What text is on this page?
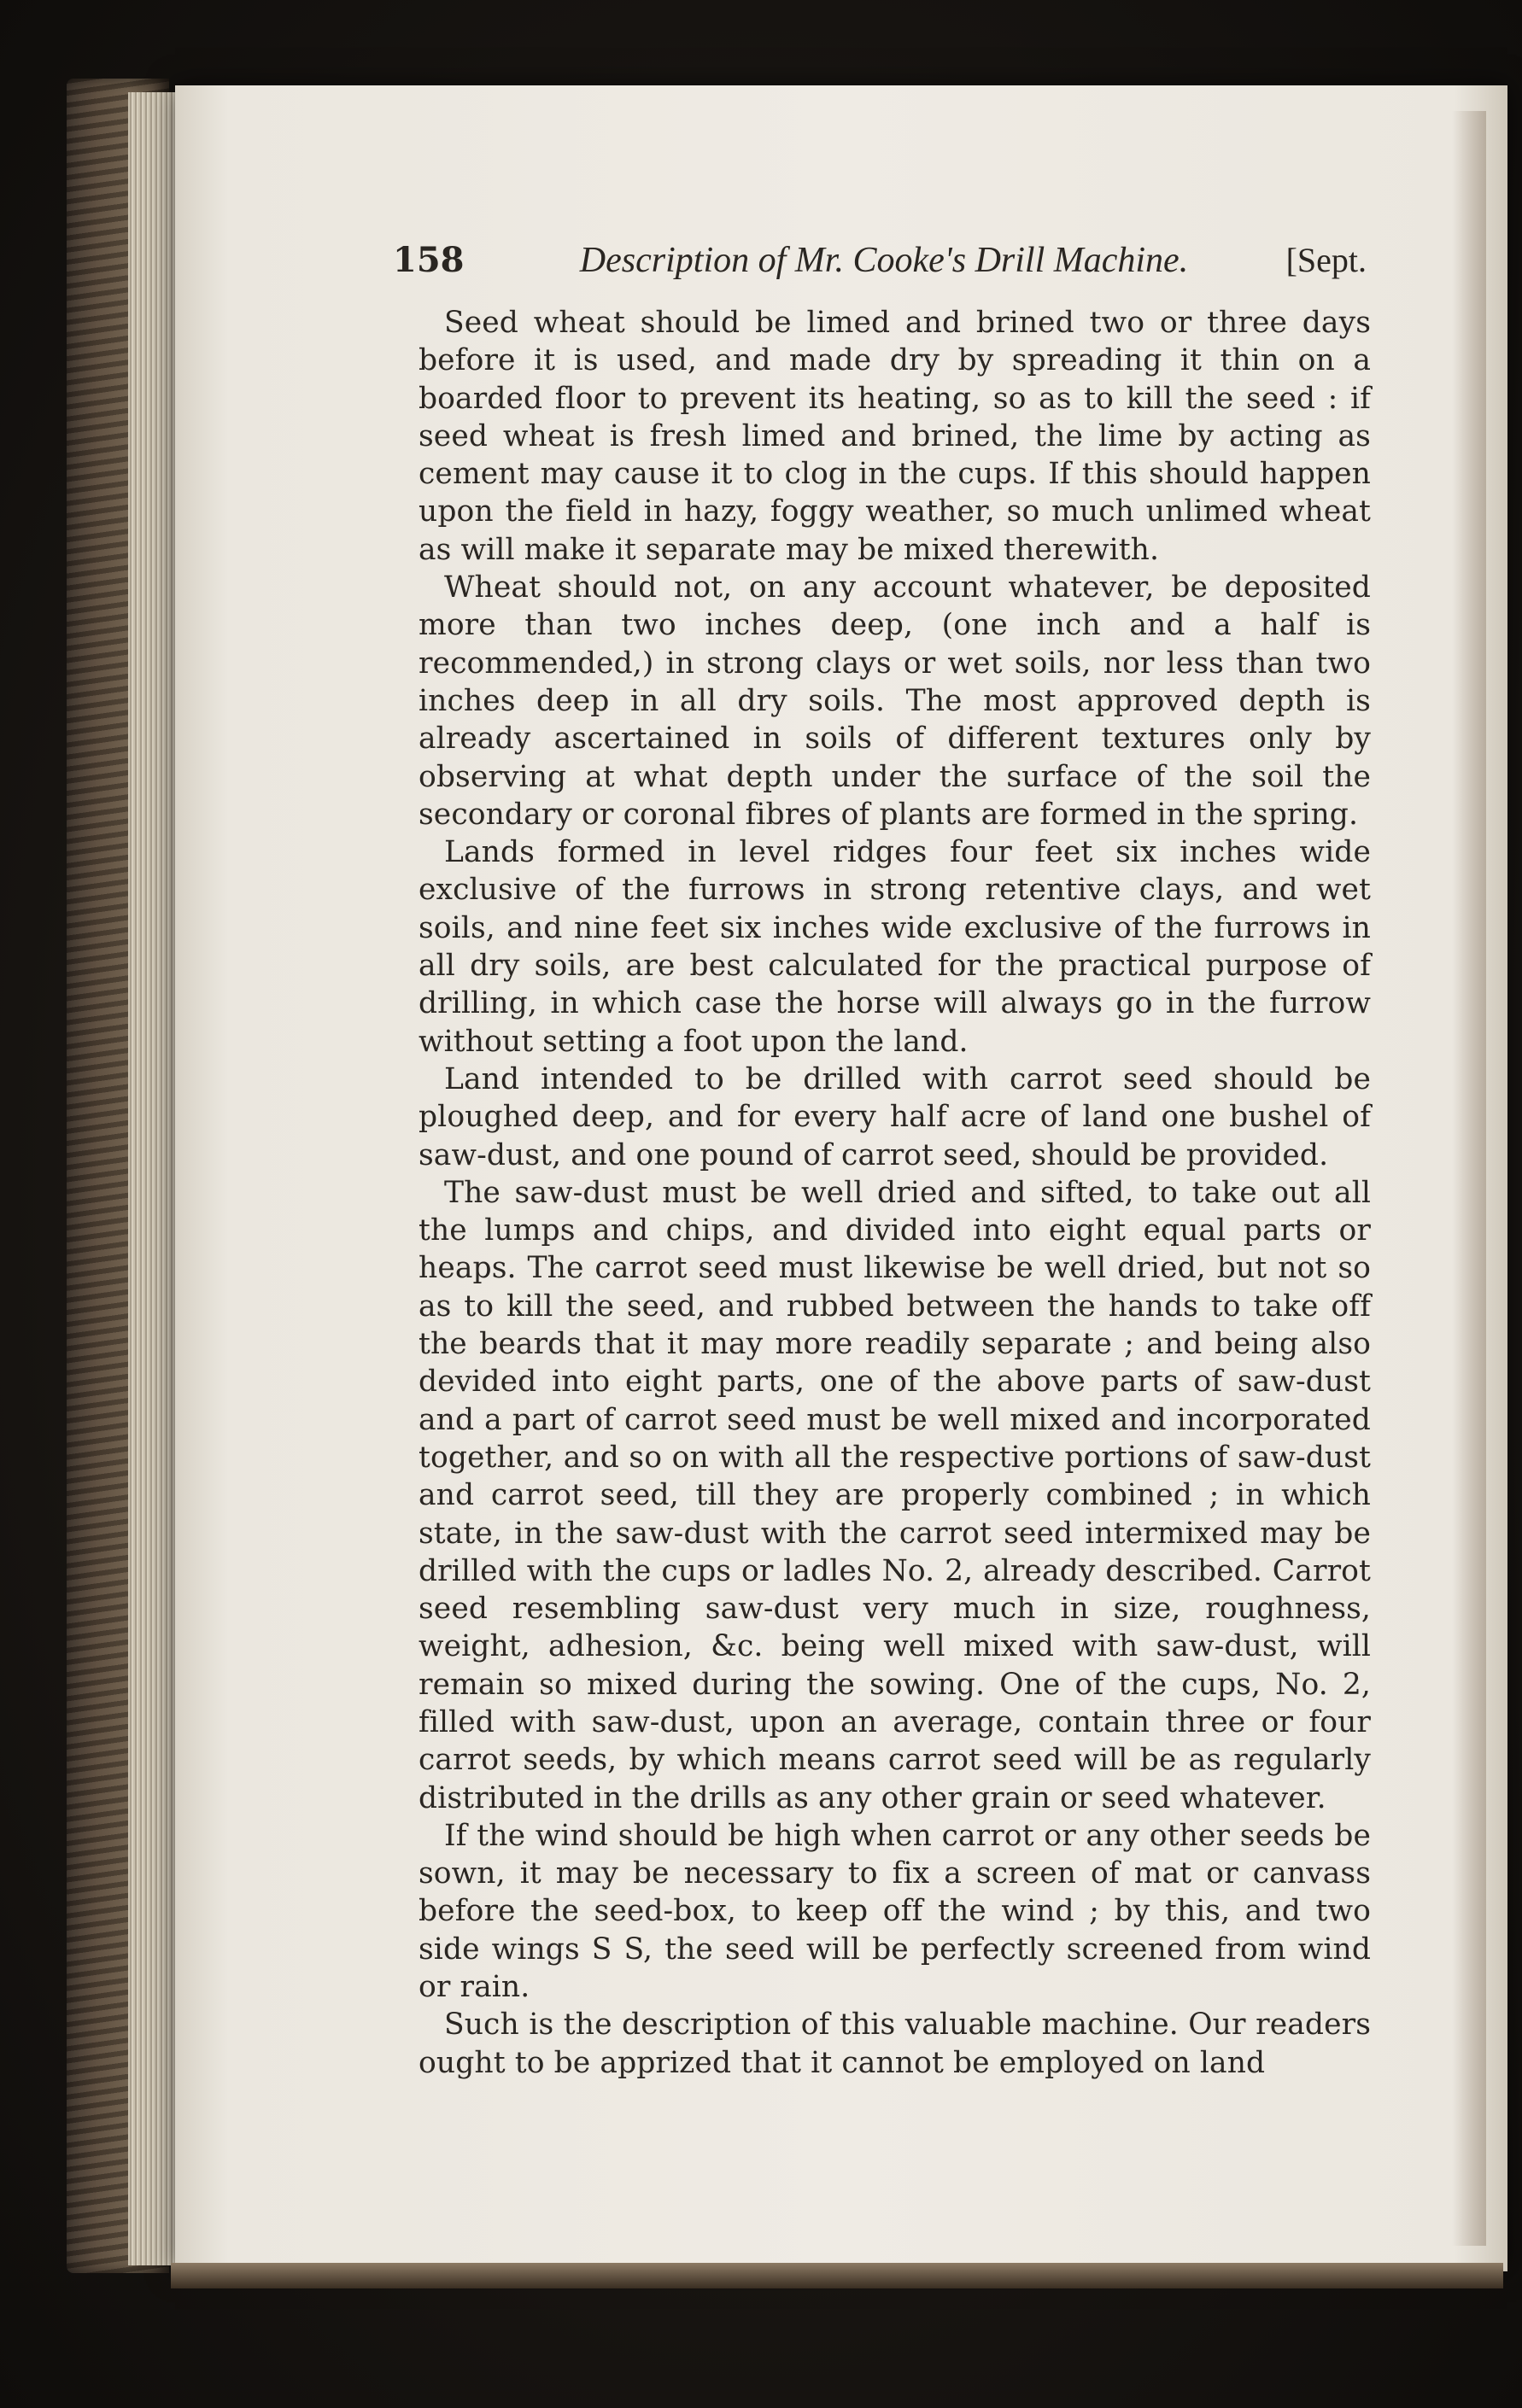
158	Description of Mr. Cooke's Drill Machine.	[Sept.

Seed wheat should be limed and brined two or three days before it is used, and made dry by spreading it thin on a boarded floor to prevent its heating, so as to kill the seed : if seed wheat is fresh limed and brined, the lime by acting as cement may cause it to clog in the cups. If this should happen upon the field in hazy, foggy weather, so much unlimed wheat as will make it separate may be mixed therewith.

Wheat should not, on any account whatever, be deposited more than two inches deep, (one inch and a half is recommended,) in strong clays or wet soils, nor less than two inches deep in all dry soils. The most approved depth is already ascertained in soils of different textures only by observing at what depth under the surface of the soil the secondary or coronal fibres of plants are formed in the spring.

Lands formed in level ridges four feet six inches wide exclusive of the furrows in strong retentive clays, and wet soils, and nine feet six inches wide exclusive of the furrows in all dry soils, are best calculated for the practical purpose of drilling, in which case the horse will always go in the furrow without setting a foot upon the land.

Land intended to be drilled with carrot seed should be ploughed deep, and for every half acre of land one bushel of saw-dust, and one pound of carrot seed, should be provided.

The saw-dust must be well dried and sifted, to take out all the lumps and chips, and divided into eight equal parts or heaps. The carrot seed must likewise be well dried, but not so as to kill the seed, and rubbed between the hands to take off the beards that it may more readily separate ; and being also devided into eight parts, one of the above parts of saw-dust and a part of carrot seed must be well mixed and incorporated together, and so on with all the respective portions of saw-dust and carrot seed, till they are properly combined ; in which state, in the saw-dust with the carrot seed intermixed may be drilled with the cups or ladles No. 2, already described. Carrot seed resembling saw-dust very much in size, roughness, weight, adhesion, &c. being well mixed with saw-dust, will remain so mixed during the sowing. One of the cups, No. 2, filled with saw-dust, upon an average, contain three or four carrot seeds, by which means carrot seed will be as regularly distributed in the drills as any other grain or seed whatever.

If the wind should be high when carrot or any other seeds be sown, it may be necessary to fix a screen of mat or canvass before the seed-box, to keep off the wind ; by this, and two side wings S S, the seed will be perfectly screened from wind or rain.

Such is the description of this valuable machine. Our readers ought to be apprized that it cannot be employed on land
